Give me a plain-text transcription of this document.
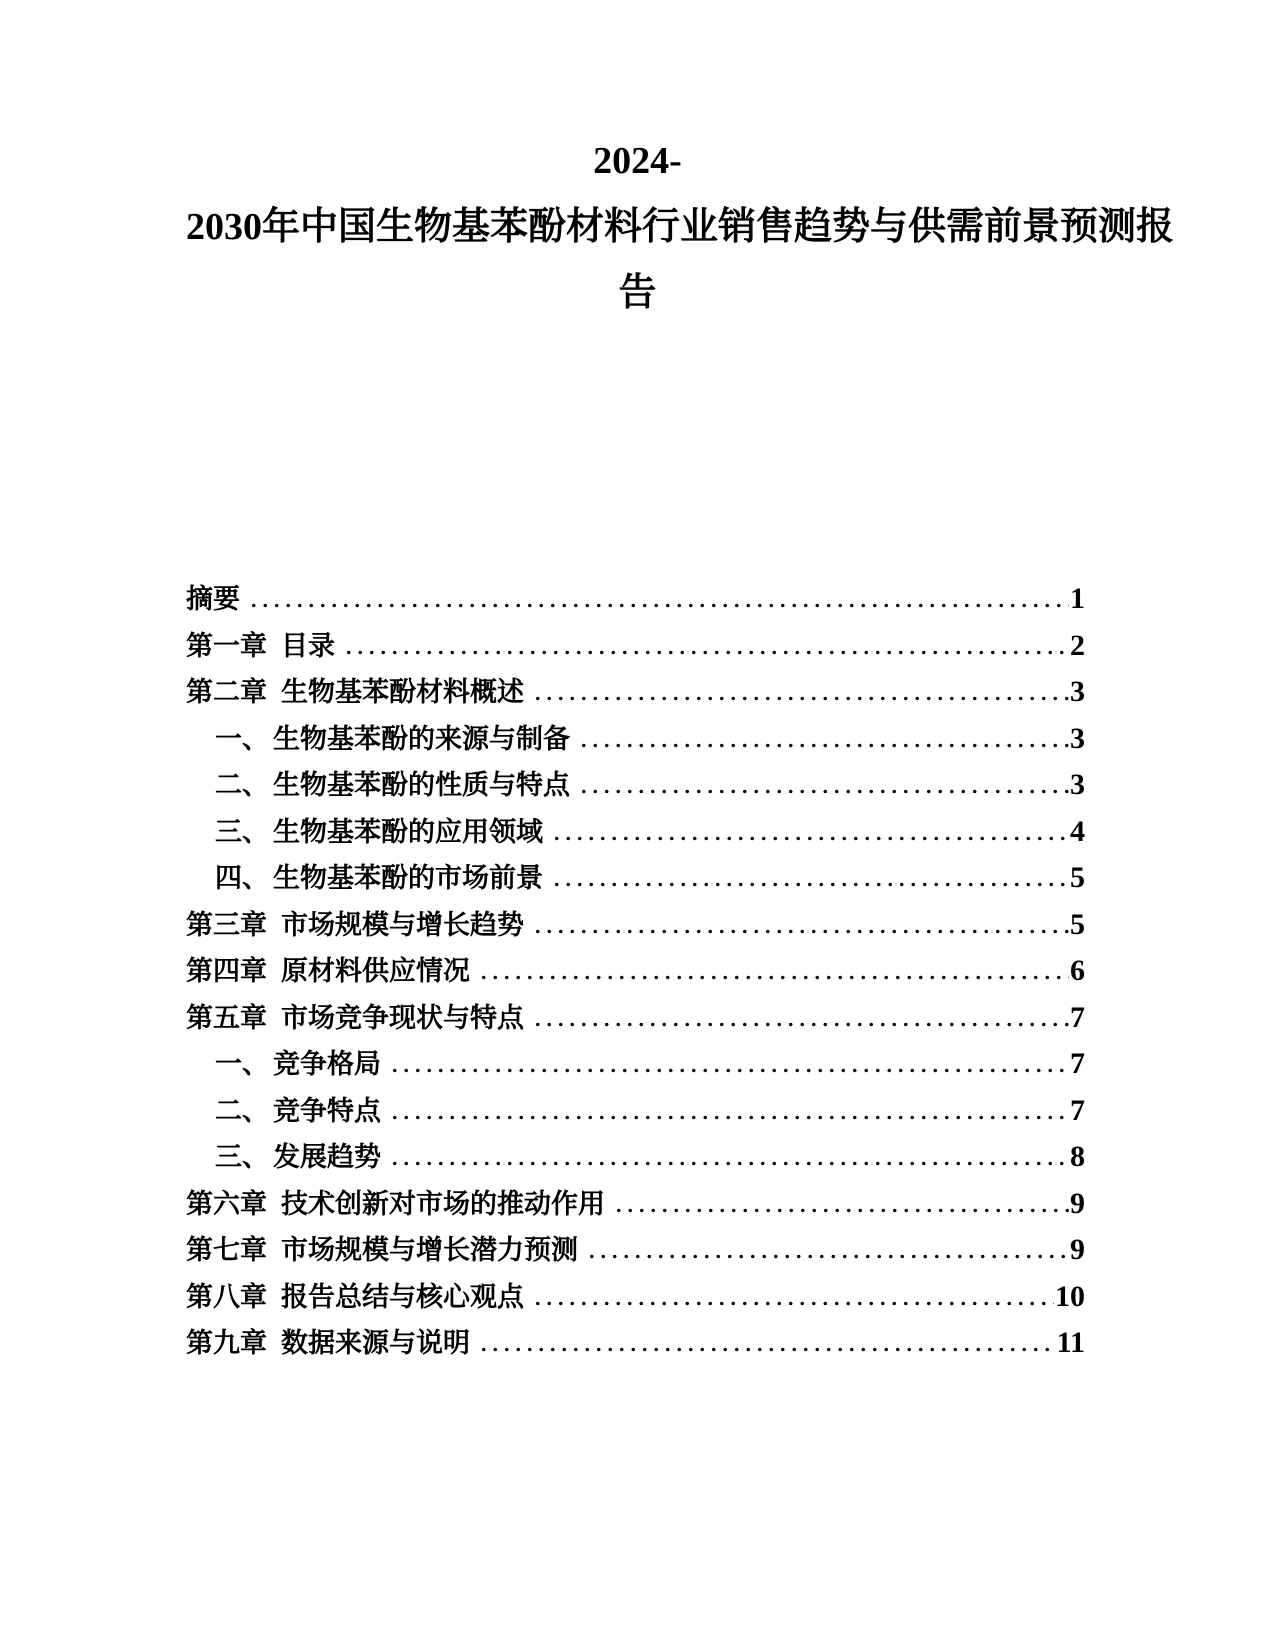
2024-
2030年中国生物基苯酚材料行业销售趋势与供需前景预测报
告
摘要	1
第一章 目录	2
第二章 生物基苯酚材料概述	3
一、 生物基苯酚的来源与制备	3
二、 生物基苯酚的性质与特点	3
三、 生物基苯酚的应用领域	4
四、 生物基苯酚的市场前景	5
第三章 市场规模与增长趋势	5
第四章 原材料供应情况	6
第五章 市场竞争现状与特点	7
一、 竞争格局	7
二、 竞争特点	7
三、 发展趋势	8
第六章 技术创新对市场的推动作用	9
第七章 市场规模与增长潜力预测	9
第八章 报告总结与核心观点	10
第九章 数据来源与说明	11
